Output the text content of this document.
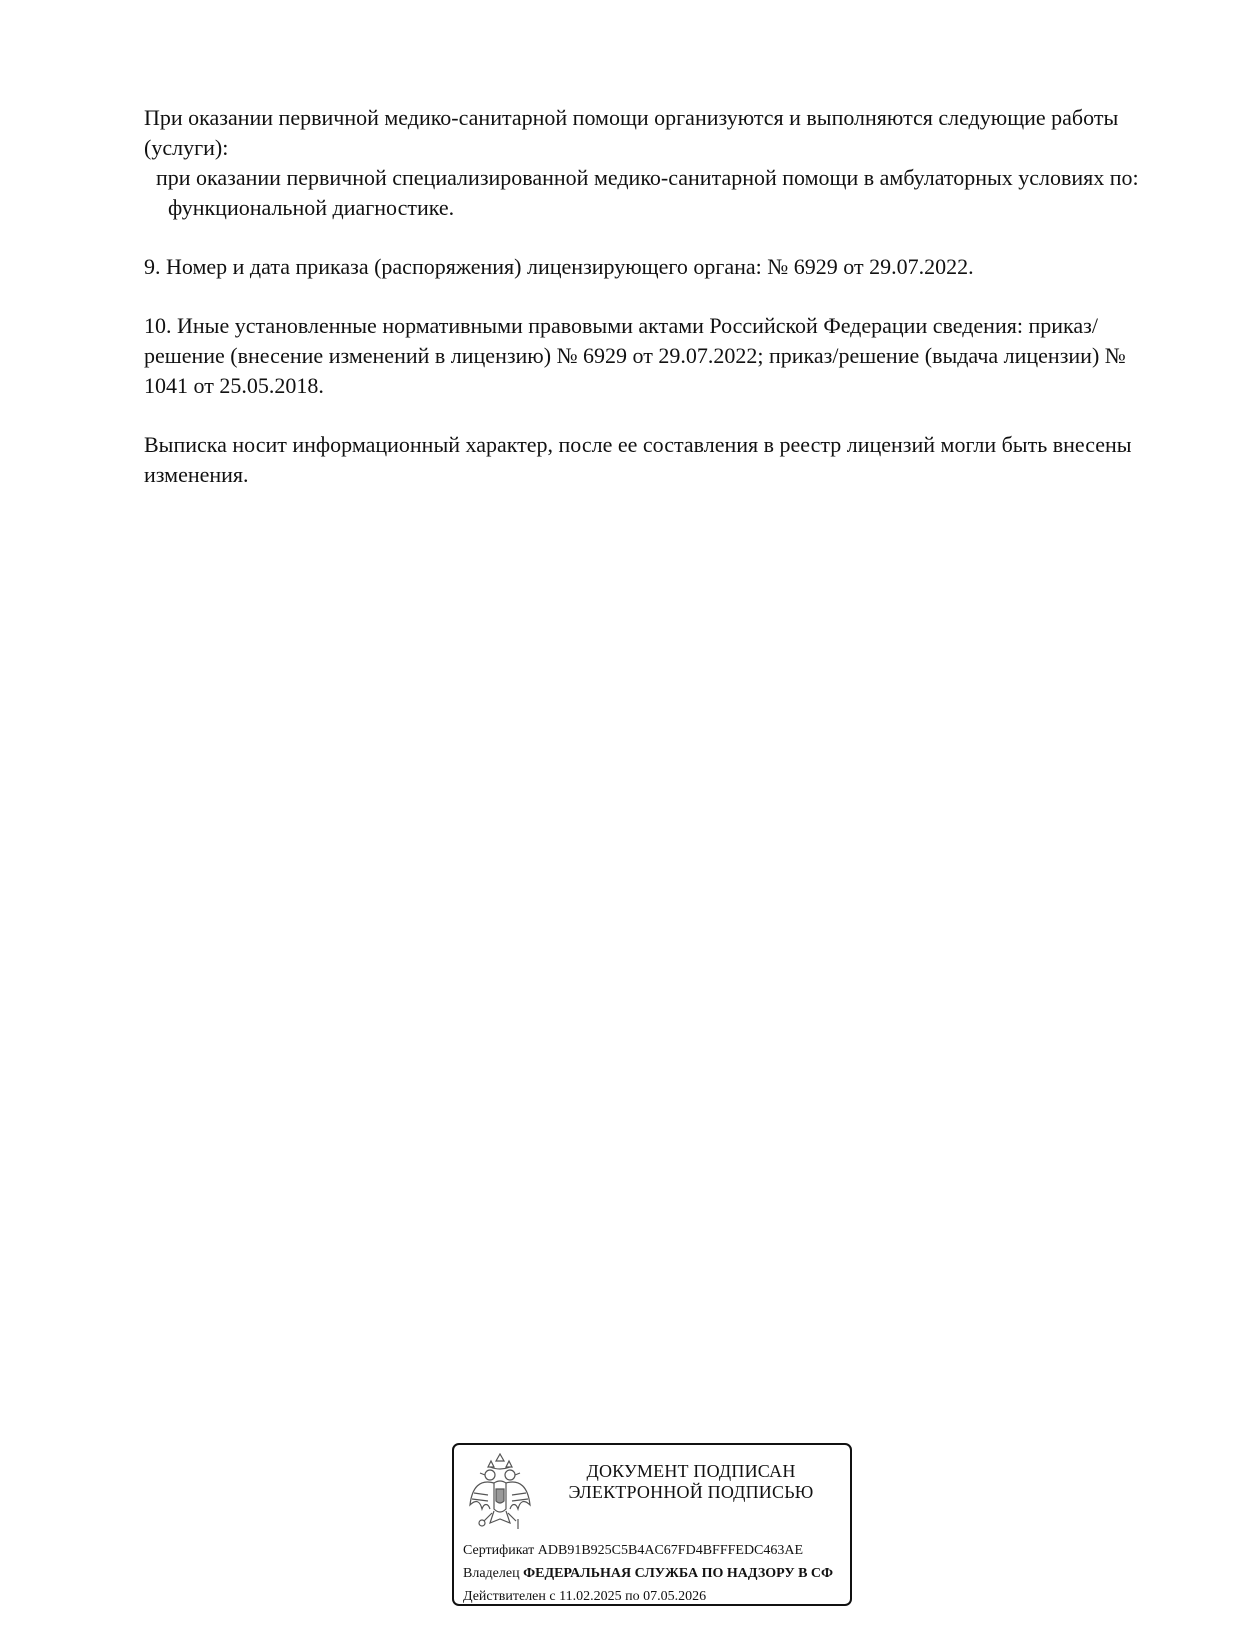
При оказании первичной медико-санитарной помощи организуются и выполняются следующие работы (услуги):

при оказании первичной специализированной медико-санитарной помощи в амбулаторных условиях по:

функциональной диагностике.

9. Номер и дата приказа (распоряжения) лицензирующего органа: № 6929 от 29.07.2022.

10. Иные установленные нормативными правовыми актами Российской Федерации сведения: приказ/решение (внесение изменений в лицензию) № 6929 от 29.07.2022; приказ/решение (выдача лицензии) № 1041 от 25.05.2018.

Выписка носит информационный характер, после ее составления в реестр лицензий могли быть внесены изменения.

ДОКУМЕНТ ПОДПИСАН
ЭЛЕКТРОННОЙ ПОДПИСЬЮ
Сертификат ADB91B925C5B4AC67FD4BFFFEDC463AE
Владелец ФЕДЕРАЛЬНАЯ СЛУЖБА ПО НАДЗОРУ В СФ
Действителен с 11.02.2025 по 07.05.2026
